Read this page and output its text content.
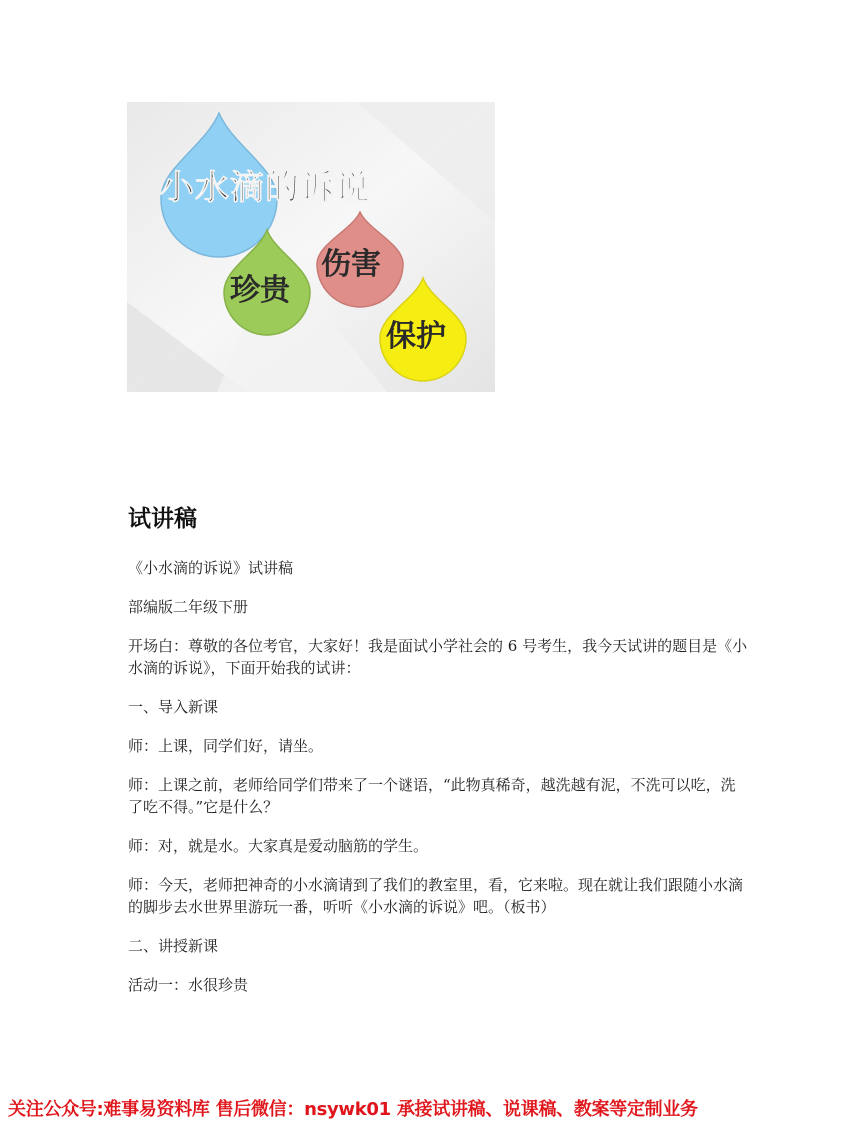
小水滴的诉说
珍贵
伤害
保护
试讲稿

《小水滴的诉说》试讲稿

部编版二年级下册

开场白：尊敬的各位考官，大家好！我是面试小学社会的 6 号考生，我今天试讲的题目是《小水滴的诉说》，下面开始我的试讲：

一、导入新课

师：上课，同学们好，请坐。

师：上课之前，老师给同学们带来了一个谜语，“此物真稀奇，越洗越有泥，不洗可以吃，洗了吃不得。”它是什么？

师：对，就是水。大家真是爱动脑筋的学生。

师：今天，老师把神奇的小水滴请到了我们的教室里，看，它来啦。现在就让我们跟随小水滴的脚步去水世界里游玩一番，听听《小水滴的诉说》吧。（板书）

二、讲授新课

活动一：水很珍贵

关注公众号:难事易资料库 售后微信：nsywk01 承接试讲稿、说课稿、教案等定制业务
